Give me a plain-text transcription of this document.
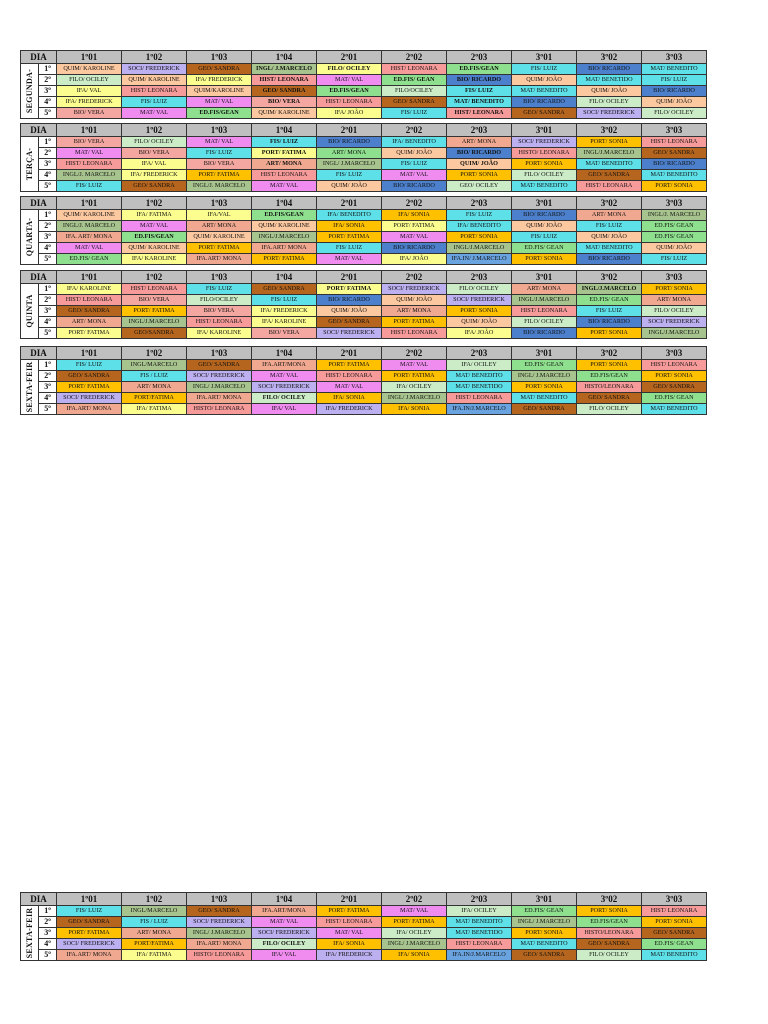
DIA		1º01	1º02	1º03	1º04	2º01	2º02	2º03	3º01	3º02	3º03

SEGUNDA-	1º	QUIM/ KAROLINE	SOCI/ FREDERICK	GEO/ SANDRA	INGL/ J.MARCELO	FILO/ OCILEY	HIST/ LEONARA	ED.FIS/GEAN	FIS/ LUIZ	BIO/ RICARDO	MAT/ BENEDITO
	2º	FILO/ OCILEY	QUIM/ KAROLINE	IFA/ FREDERICK	HIST/ LEONARA	MAT/ VAL	ED.FIS/ GEAN	BIO/ RICARDO	QUIM/ JOÃO	MAT/ BENETIDO	FIS/ LUIZ
	3º	IFA/ VAL	HIST/ LEONARA	QUIM/KAROLINE	GEO/ SANDRA	ED.FIS/GEAN	FILO/OCILEY	FIS/ LUIZ	MAT/ BENEDITO	QUIM/ JOÃO	BIO/ RICARDO
	4º	IFA/ FREDERICK	FIS/ LUIZ	MAT/ VAL	BIO/ VERA	HIST/ LEONARA	GEO/ SANDRA	MAT/ BENEDITO	BIO/ RICARDO	FILO/ OCILEY	QUIM/ JOÃO
	5º	BIO/ VERA	MAT/ VAL	ED.FIS/GEAN	QUIM/ KAROLINE	IFA/ JOÃO	FIS/ LUIZ	HIST/ LEONARA	GEO/ SANDRA	SOCI/ FREDERICK	FILO/ OCILEY
DIA		1º01	1º02	1º03	1º04	2º01	2º02	2º03	3º01	3º02	3º03

TERÇA-	1º	BIO/ VERA	FILO/ OCILEY	MAT/ VAL	FIS/ LUIZ	BIO/ RICARDO	IFA/ BENEDITO	ART/ MONA	SOCI/ FREDERICK	PORT/ SONIA	HIST/ LEONARA
	2º	MAT/ VAL	BIO/ VERA	FIS/ LUIZ	PORT/ FATIMA	ART/ MONA	QUIM/ JOÃO	BIO/ RICARDO	HISTO/ LEONARA	INGL/J.MARCELO	GEO/ SANDRA
	3º	HIST/ LEONARA	IFA/ VAL	BIO/ VERA	ART/ MONA	INGL/ J.MARCELO	FIS/ LUIZ	QUIM/ JOÃO	PORT/ SONIA	MAT/ BENEDITO	BIO/ RICARDO
	4º	INGL/J. MARCELO	IFA/ FREDERICK	PORT/ FATIMA	HIST/ LEONARA	FIS/ LUIZ	MAT/ VAL	PORT/ SONIA	FILO/ OCILEY	GEO/ SANDRA	MAT/ BENEDITO
	5º	FIS/ LUIZ	GEO/ SANDRA	INGL/J. MARCELO	MAT/ VAL	QUIM/ JOÃO	BIO/ RICARDO	GEO/ OCILEY	MAT/ BENEDITO	HIST/ LEONARA	PORT/ SONIA
DIA		1º01	1º02	1º03	1º04	2º01	2º02	2º03	3º01	3º02	3º03

QUARTA-	1º	QUIM/ KAROLINE	IFA/ FATIMA	IFA/VAL	ED.FIS/GEAN	IFA/ BENEDITO	IFA/ SONIA	FIS/ LUIZ	BIO/ RICARDO	ART/ MONA	INGL/J. MARCELO
	2º	INGL/J. MARCELO	MAT/ VAL	ART/ MONA	QUIM/ KAROLINE	IFA/ SONIA	PORT/ FATIMA	IFA/ BENEDITO	QUIM/ JOÃO	FIS/ LUIZ	ED.FIS/ GEAN
	3º	IFA. ART/ MONA	ED.FIS/GEAN	QUIM/ KAROLINE	INGL/J.MARCELO	PORT/ FATIMA	MAT/ VAL	PORT/ SONIA	FIS/ LUIZ	QUIM/ JOÃO	ED.FIS/ GEAN
	4º	MAT/ VAL	QUIM/ KAROLINE	PORT/ FATIMA	IFA.ART/ MONA	FIS/ LUIZ	BIO/ RICARDO	INGL/J.MARCELO	ED.FIS/ GEAN	MAT/ BENEDITO	QUIM/ JOÃO
	5º	ED.FIS/ GEAN	IFA/ KAROLINE	IFA.ART/ MONA	PORT/ FATIMA	MAT/ VAL	IFA/ JOÃO	IFA.IN/ J.MARCELO	PORT/ SONIA	BIO/ RICARDO	FIS/ LUIZ
DIA		1º01	1º02	1º03	1º04	2º01	2º02	2º03	3º01	3º02	3º03

QUINTA	1º	IFA/ KAROLINE	HIST/ LEONARA	FIS/ LUIZ	GEO/ SANDRA	PORT/ FATIMA	SOCI/ FREDERICK	FILO/ OCILEY	ART/ MONA	INGL/J.MARCELO	PORT/ SONIA
	2º	HIST/ LEONARA	BIO/ VERA	FILO/OCILEY	FIS/ LUIZ	BIO/ RICARDO	QUIM/ JOÃO	SOCI/ FREDERICK	INGL/J.MARCELO	ED.FIS/ GEAN	ART/ MONA
	3º	GEO/ SANDRA	PORT/ FATIMA	BIO/ VERA	IFA/ FREDERICK	QUIM/ JOÃO	ART/ MONA	PORT/ SONIA	HIST/ LEONARA	FIS/ LUIZ	FILO/ OCILEY
	4º	ART/ MONA	INGL/J.MARCELO	HIST/ LEONARA	IFA/ KAROLINE	GEO/ SANDRA	PORT/ FATIMA	QUIM/ JOÃO	FILO/ OCILEY	BIO/ RICARDO	SOCI/ FREDERICK
	5º	PORT/ FATIMA	GEO/SANDRA	IFA/ KAROLINE	BIO/ VERA	SOCI/ FREDERICK	HIST/ LEONARA	IFA/ JOÃO	BIO/ RICARDO	PORT/ SONIA	INGL/J.MARCELO
DIA		1º01	1º02	1º03	1º04	2º01	2º02	2º03	3º01	3º02	3º03

SEXTA-FEIR	1º	FIS/ LUIZ	INGL/MARCELO	GEO/ SANDRA	IFA.ART/MONA	PORT/ FATIMA	MAT/ VAL	IFA/ OCILEY	ED.FIS/ GEAN	PORT/ SONIA	HIST/ LEONARA
	2º	GEO/ SANDRA	FIS / LUIZ	SOCI/ FREDERICK	MAT/ VAL	HIST/ LEONARA	PORT/ FATIMA	MAT/ BENEDITO	INGL/ J.MARCELO	ED.FIS/GEAN	PORT/ SONIA
	3º	PORT/ FATIMA	ART/ MONA	INGL/ J.MARCELO	SOCI/ FREDERICK	MAT/ VAL	IFA/ OCILEY	MAT/ BENETIDO	PORT/ SONIA	HISTO/LEONARA	GEO/ SANDRA
	4º	SOCI/ FREDERICK	PORT/FATIMA	IFA.ART/ MONA	FILO/ OCILEY	IFA/ SONIA	INGL/ J.MARCELO	HIST/ LEONARA	MAT/ BENEDITO	GEO/ SANDRA	ED.FIS/ GEAN
	5º	IFA.ART/ MONA	IFA/ FATIMA	HISTO/ LEONARA	IFA/ VAL	IFA/ FREDERICK	IFA/ SONIA	IFA.IN/J.MARCELO	GEO/ SANDRA	FILO/ OCILEY	MAT/ BENEDITO
DIA		1º01	1º02	1º03	1º04	2º01	2º02	2º03	3º01	3º02	3º03

SEXTA-FEIR	1º	FIS/ LUIZ	INGL/MARCELO	GEO/ SANDRA	IFA.ART/MONA	PORT/ FATIMA	MAT/ VAL	IFA/ OCILEY	ED.FIS/ GEAN	PORT/ SONIA	HIST/ LEONARA
	2º	GEO/ SANDRA	FIS / LUIZ	SOCI/ FREDERICK	MAT/ VAL	HIST/ LEONARA	PORT/ FATIMA	MAT/ BENEDITO	INGL/ J.MARCELO	ED.FIS/GEAN	PORT/ SONIA
	3º	PORT/ FATIMA	ART/ MONA	INGL/ J.MARCELO	SOCI/ FREDERICK	MAT/ VAL	IFA/ OCILEY	MAT/ BENETIDO	PORT/ SONIA	HISTO/LEONARA	GEO/ SANDRA
	4º	SOCI/ FREDERICK	PORT/FATIMA	IFA.ART/ MONA	FILO/ OCILEY	IFA/ SONIA	INGL/ J.MARCELO	HIST/ LEONARA	MAT/ BENEDITO	GEO/ SANDRA	ED.FIS/ GEAN
	5º	IFA.ART/ MONA	IFA/ FATIMA	HISTO/ LEONARA	IFA/ VAL	IFA/ FREDERICK	IFA/ SONIA	IFA.IN/J.MARCELO	GEO/ SANDRA	FILO/ OCILEY	MAT/ BENEDITO
